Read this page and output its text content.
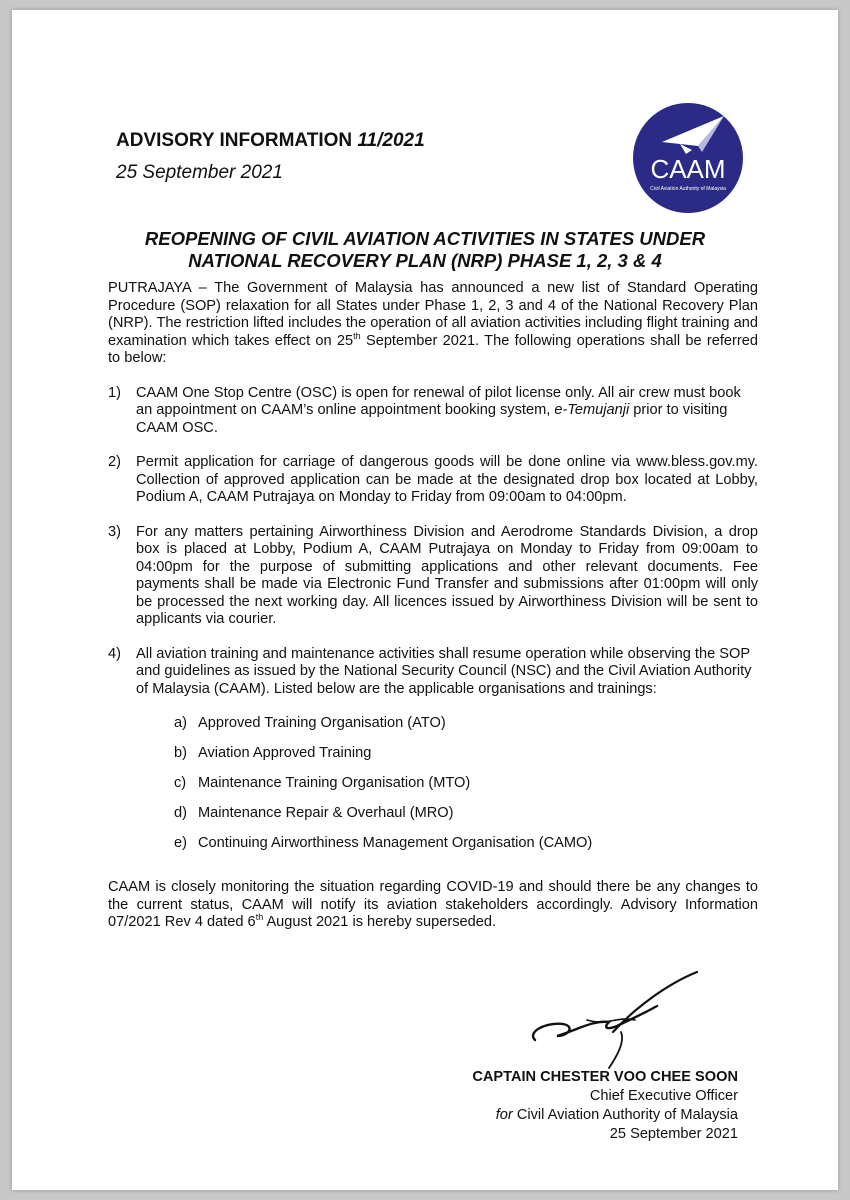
ADVISORY INFORMATION 11/2021

25 September 2021	CAAM
Civil Aviation Authority of Malaysia
REOPENING OF CIVIL AVIATION ACTIVITIES IN STATES UNDER
NATIONAL RECOVERY PLAN (NRP) PHASE 1, 2, 3 & 4

PUTRAJAYA – The Government of Malaysia has announced a new list of Standard Operating Procedure (SOP) relaxation for all States under Phase 1, 2, 3 and 4 of the National Recovery Plan (NRP). The restriction lifted includes the operation of all aviation activities including flight training and examination which takes effect on 25th September 2021. The following operations shall be referred to below:

1)	CAAM One Stop Centre (OSC) is open for renewal of pilot license only. All air crew must book an appointment on CAAM’s online appointment booking system, e-Temujanji prior to visiting CAAM OSC.
2)	Permit application for carriage of dangerous goods will be done online via www.bless.gov.my. Collection of approved application can be made at the designated drop box located at Lobby, Podium A, CAAM Putrajaya on Monday to Friday from 09:00am to 04:00pm.
3)	For any matters pertaining Airworthiness Division and Aerodrome Standards Division, a drop box is placed at Lobby, Podium A, CAAM Putrajaya on Monday to Friday from 09:00am to 04:00pm for the purpose of submitting applications and other relevant documents. Fee payments shall be made via Electronic Fund Transfer and submissions after 01:00pm will only be processed the next working day. All licences issued by Airworthiness Division will be sent to applicants via courier.
4)	All aviation training and maintenance activities shall resume operation while observing the SOP and guidelines as issued by the National Security Council (NSC) and the Civil Aviation Authority of Malaysia (CAAM). Listed below are the applicable organisations and trainings:
a) Approved Training Organisation (ATO)
b) Aviation Approved Training
c) Maintenance Training Organisation (MTO)
d) Maintenance Repair & Overhaul (MRO)
e) Continuing Airworthiness Management Organisation (CAMO)

CAAM is closely monitoring the situation regarding COVID-19 and should there be any changes to the current status, CAAM will notify its aviation stakeholders accordingly. Advisory Information 07/2021 Rev 4 dated 6th August 2021 is hereby superseded.

CAPTAIN CHESTER VOO CHEE SOON
Chief Executive Officer
for Civil Aviation Authority of Malaysia
25 September 2021
